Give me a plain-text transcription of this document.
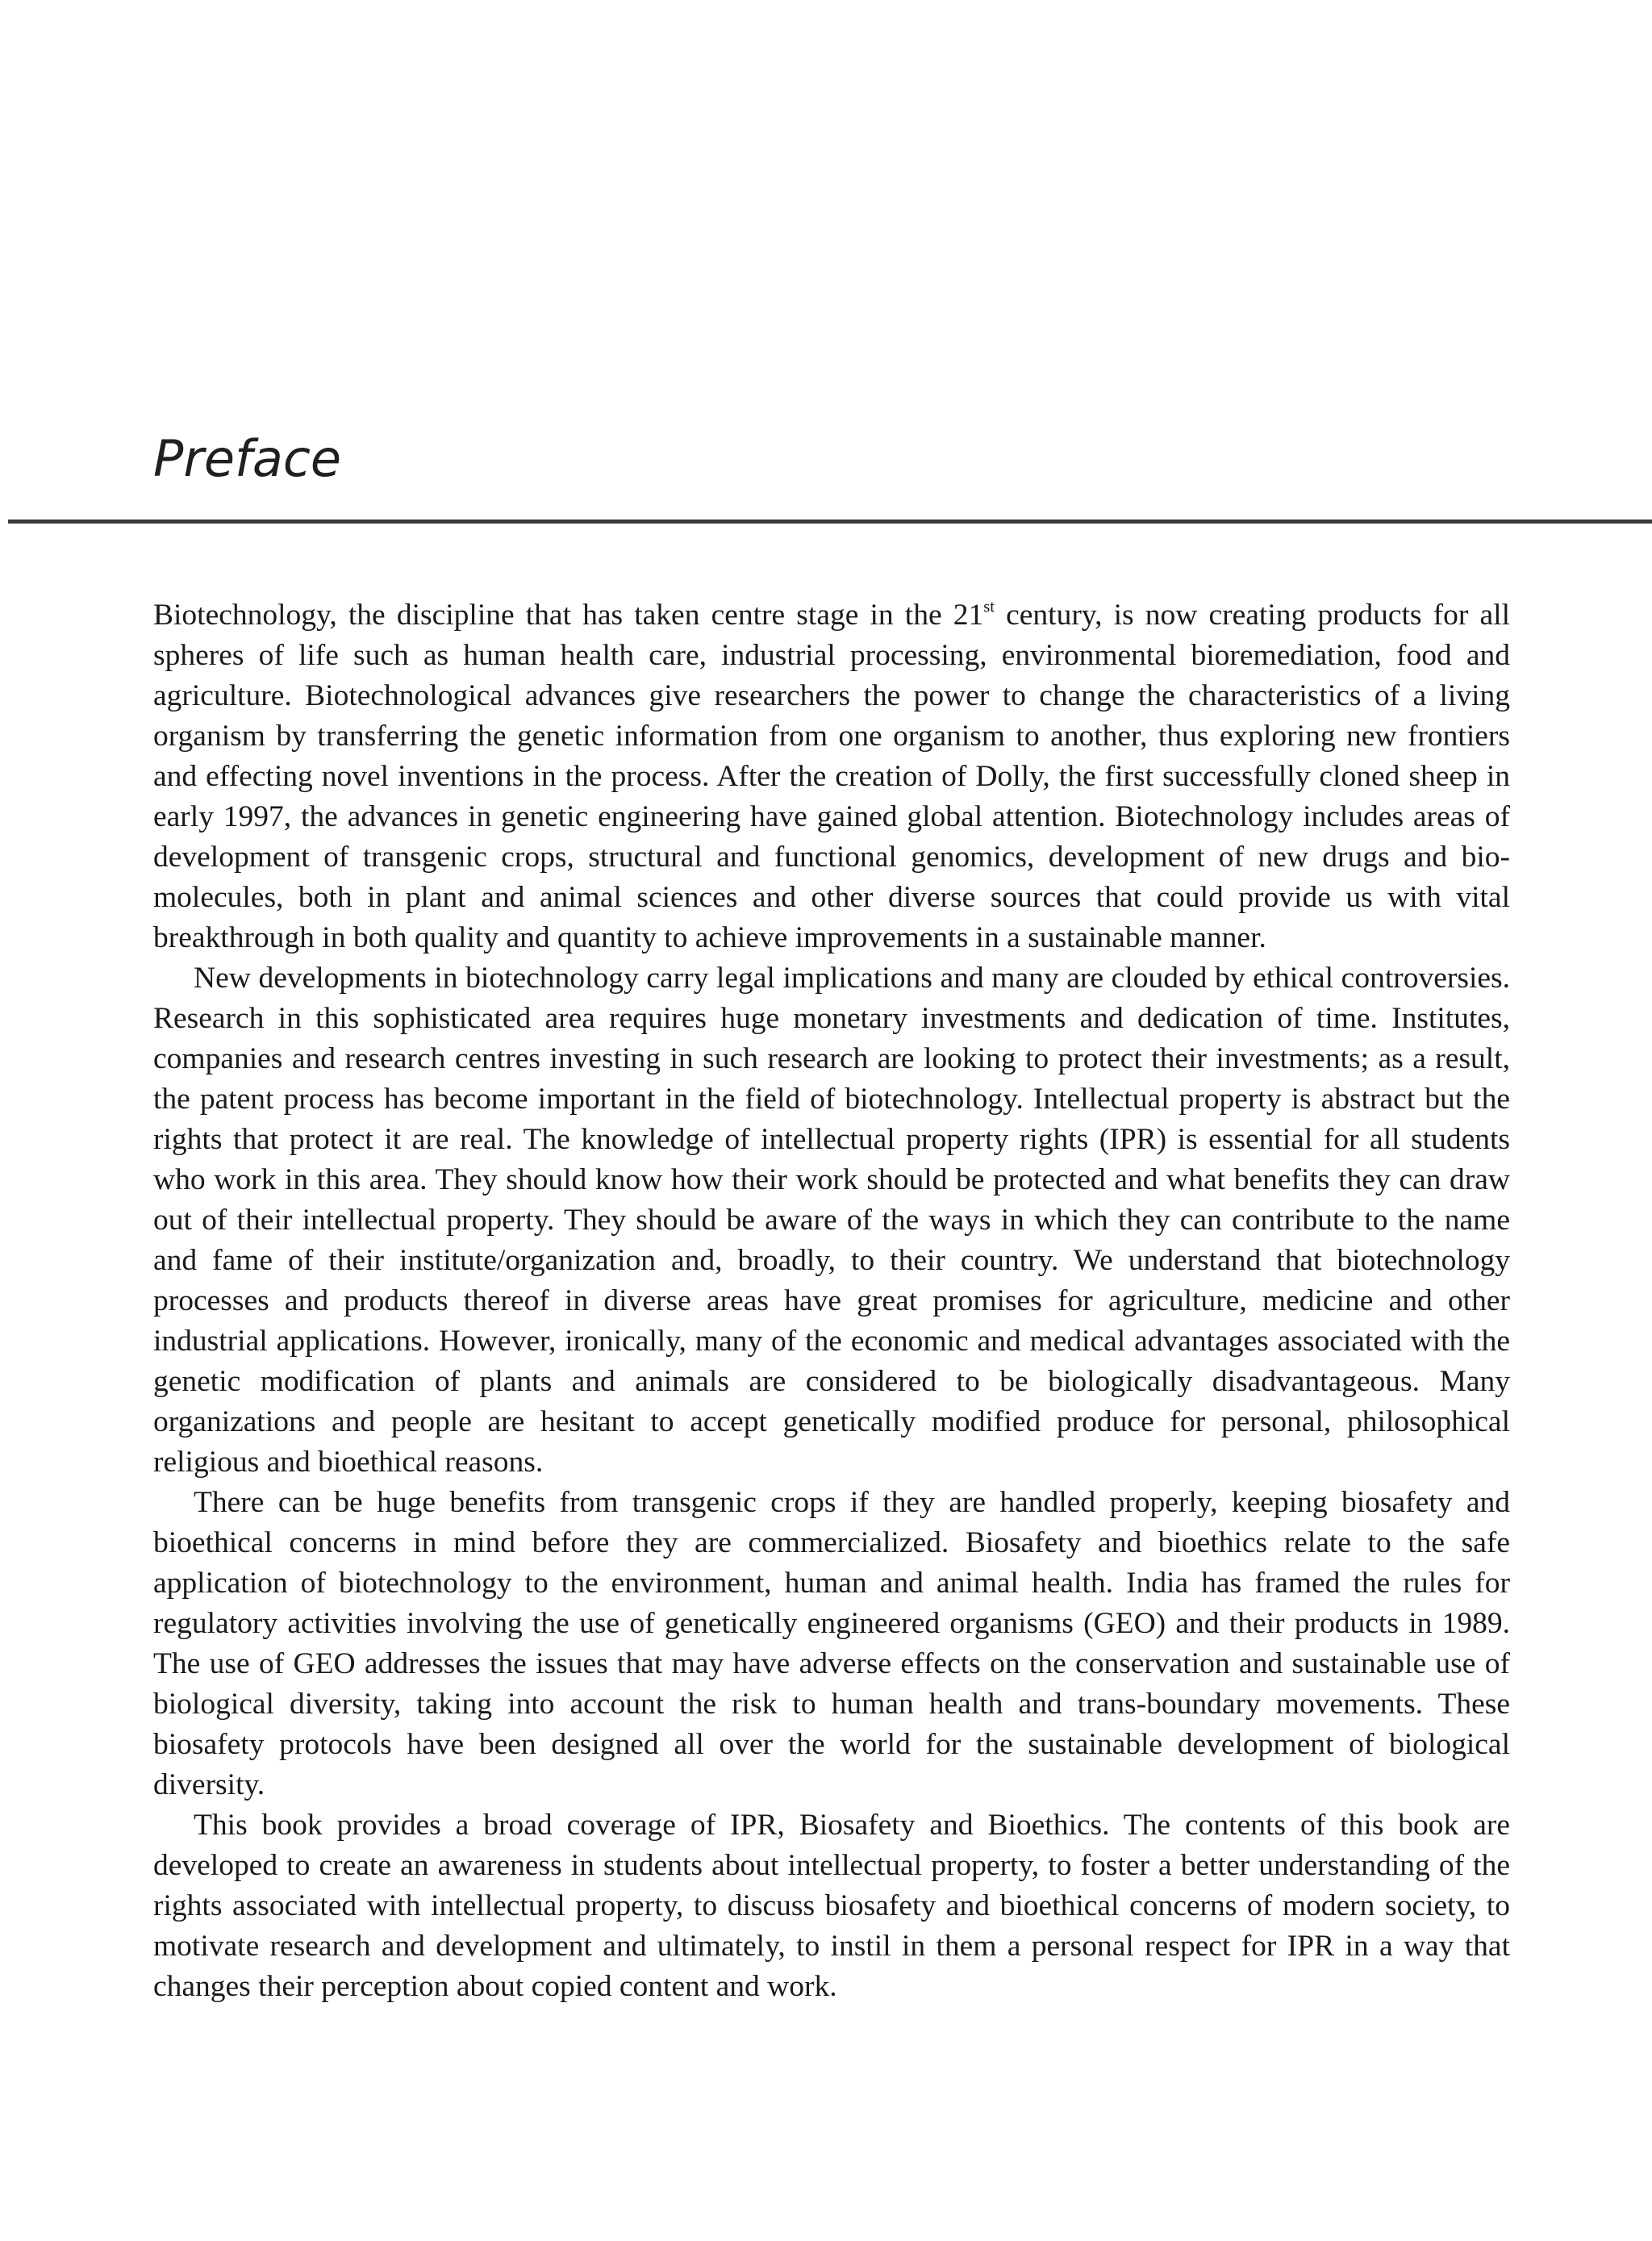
Preface

Biotechnology, the discipline that has taken centre stage in the 21st century, is now creating products for all spheres of life such as human health care, industrial processing, environmental bioremediation, food and agriculture. Biotechnological advances give researchers the power to change the characteristics of a living organism by transferring the genetic information from one organism to another, thus exploring new frontiers and effecting novel inventions in the process. After the creation of Dolly, the first successfully cloned sheep in early 1997, the advances in genetic engineering have gained global attention. Biotechnology includes areas of development of transgenic crops, structural and functional genomics, development of new drugs and bio-molecules, both in plant and animal sciences and other diverse sources that could provide us with vital breakthrough in both quality and quantity to achieve improvements in a sustainable manner.

New developments in biotechnology carry legal implications and many are clouded by ethical controversies. Research in this sophisticated area requires huge monetary investments and dedication of time. Institutes, companies and research centres investing in such research are looking to protect their investments; as a result, the patent process has become important in the field of biotechnology. Intellectual property is abstract but the rights that protect it are real. The knowledge of intellectual property rights (IPR) is essential for all students who work in this area. They should know how their work should be protected and what benefits they can draw out of their intellectual property. They should be aware of the ways in which they can contribute to the name and fame of their institute/organization and, broadly, to their country. We understand that biotechnology processes and products thereof in diverse areas have great promises for agriculture, medicine and other industrial applications. However, ironically, many of the economic and medical advantages associated with the genetic modification of plants and animals are considered to be biologically disadvantageous. Many organizations and people are hesitant to accept genetically modified produce for personal, philosophical religious and bioethical reasons.

There can be huge benefits from transgenic crops if they are handled properly, keeping biosafety and bioethical concerns in mind before they are commercialized. Biosafety and bioethics relate to the safe application of biotechnology to the environment, human and animal health. India has framed the rules for regulatory activities involving the use of genetically engineered organisms (GEO) and their products in 1989. The use of GEO addresses the issues that may have adverse effects on the conservation and sustainable use of biological diversity, taking into account the risk to human health and trans-boundary movements. These biosafety protocols have been designed all over the world for the sustainable development of biological diversity.

This book provides a broad coverage of IPR, Biosafety and Bioethics. The contents of this book are developed to create an awareness in students about intellectual property, to foster a better understanding of the rights associated with intellectual property, to discuss biosafety and bioethical concerns of modern society, to motivate research and development and ultimately, to instil in them a personal respect for IPR in a way that changes their perception about copied content and work.
